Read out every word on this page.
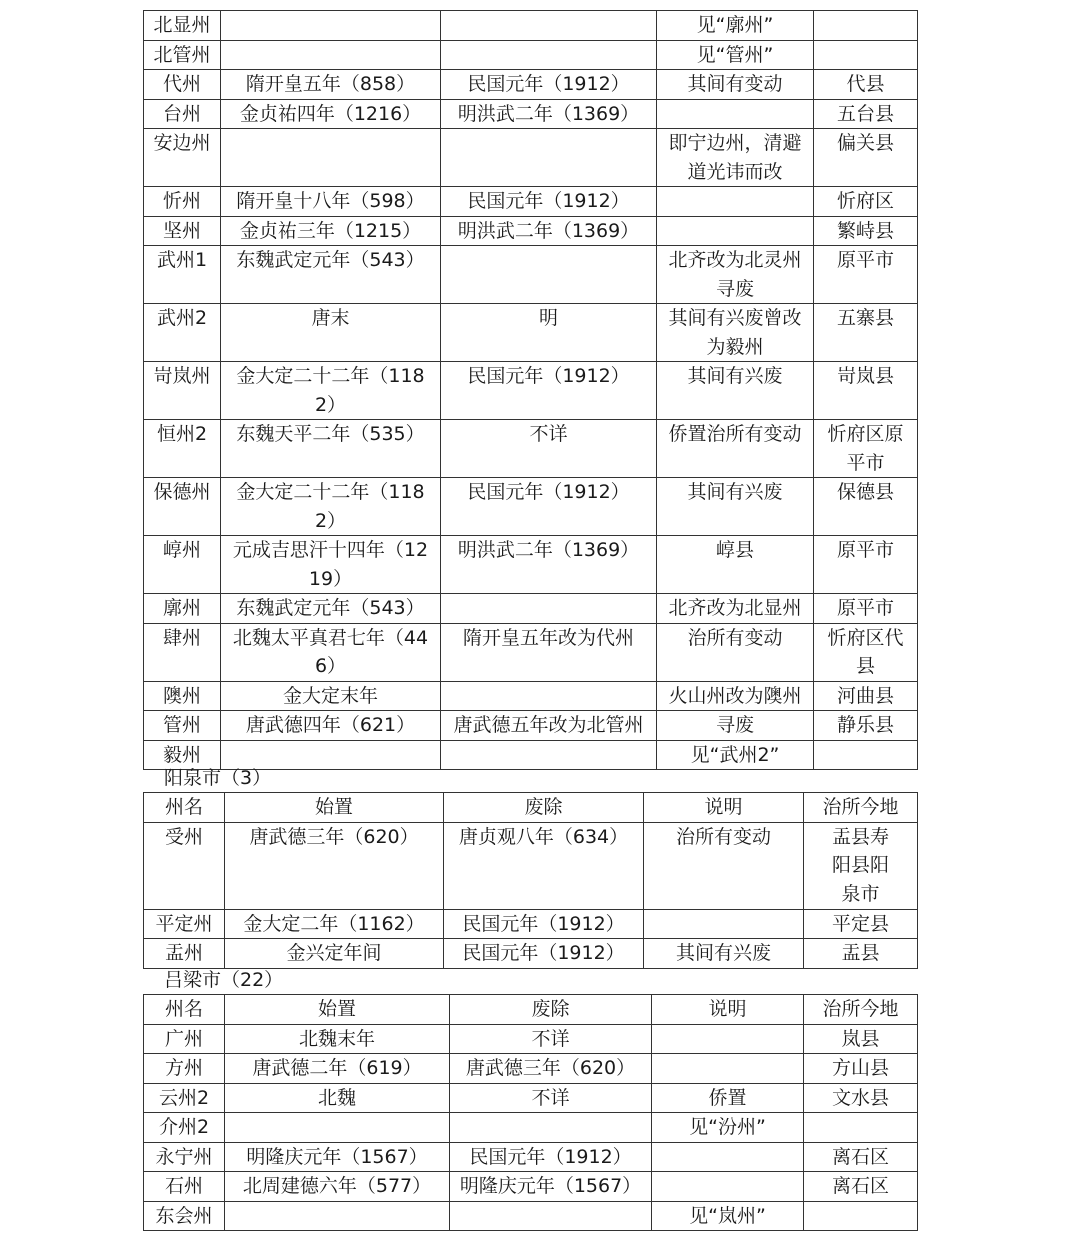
北显州			见“廓州”	
北管州			见“管州”	
代州	隋开皇五年（858）	民国元年（1912）	其间有变动	代县
台州	金贞祐四年（1216）	明洪武二年（1369）		五台县
安边州			即宁边州，清避道光讳而改	偏关县
忻州	隋开皇十八年（598）	民国元年（1912）		忻府区
坚州	金贞祐三年（1215）	明洪武二年（1369）		繁峙县
武州1	东魏武定元年（543）		北齐改为北灵州寻废	原平市
武州2	唐末	明	其间有兴废曾改为毅州	五寨县
岢岚州	金大定二十二年（1182）	民国元年（1912）	其间有兴废	岢岚县
恒州2	东魏天平二年（535）	不详	侨置治所有变动	忻府区原平市
保德州	金大定二十二年（1182）	民国元年（1912）	其间有兴废	保德县
崞州	元成吉思汗十四年（1219）	明洪武二年（1369）	崞县	原平市
廓州	东魏武定元年（543）		北齐改为北显州	原平市
肆州	北魏太平真君七年（446）	隋开皇五年改为代州	治所有变动	忻府区代县
隩州	金大定末年		火山州改为隩州	河曲县
管州	唐武德四年（621）	唐武德五年改为北管州	寻废	静乐县
毅州			见“武州2”	
阳泉市（3）
州名	始置	废除	说明	治所今地
受州	唐武德三年（620）	唐贞观八年（634）	治所有变动	盂县寿阳县阳泉市
平定州	金大定二年（1162）	民国元年（1912）		平定县
盂州	金兴定年间	民国元年（1912）	其间有兴废	盂县
吕梁市（22）
州名	始置	废除	说明	治所今地
广州	北魏末年	不详		岚县
方州	唐武德二年（619）	唐武德三年（620）		方山县
云州2	北魏	不详	侨置	文水县
介州2			见“汾州”	
永宁州	明隆庆元年（1567）	民国元年（1912）		离石区
石州	北周建德六年（577）	明隆庆元年（1567）		离石区
东会州			见“岚州”	
